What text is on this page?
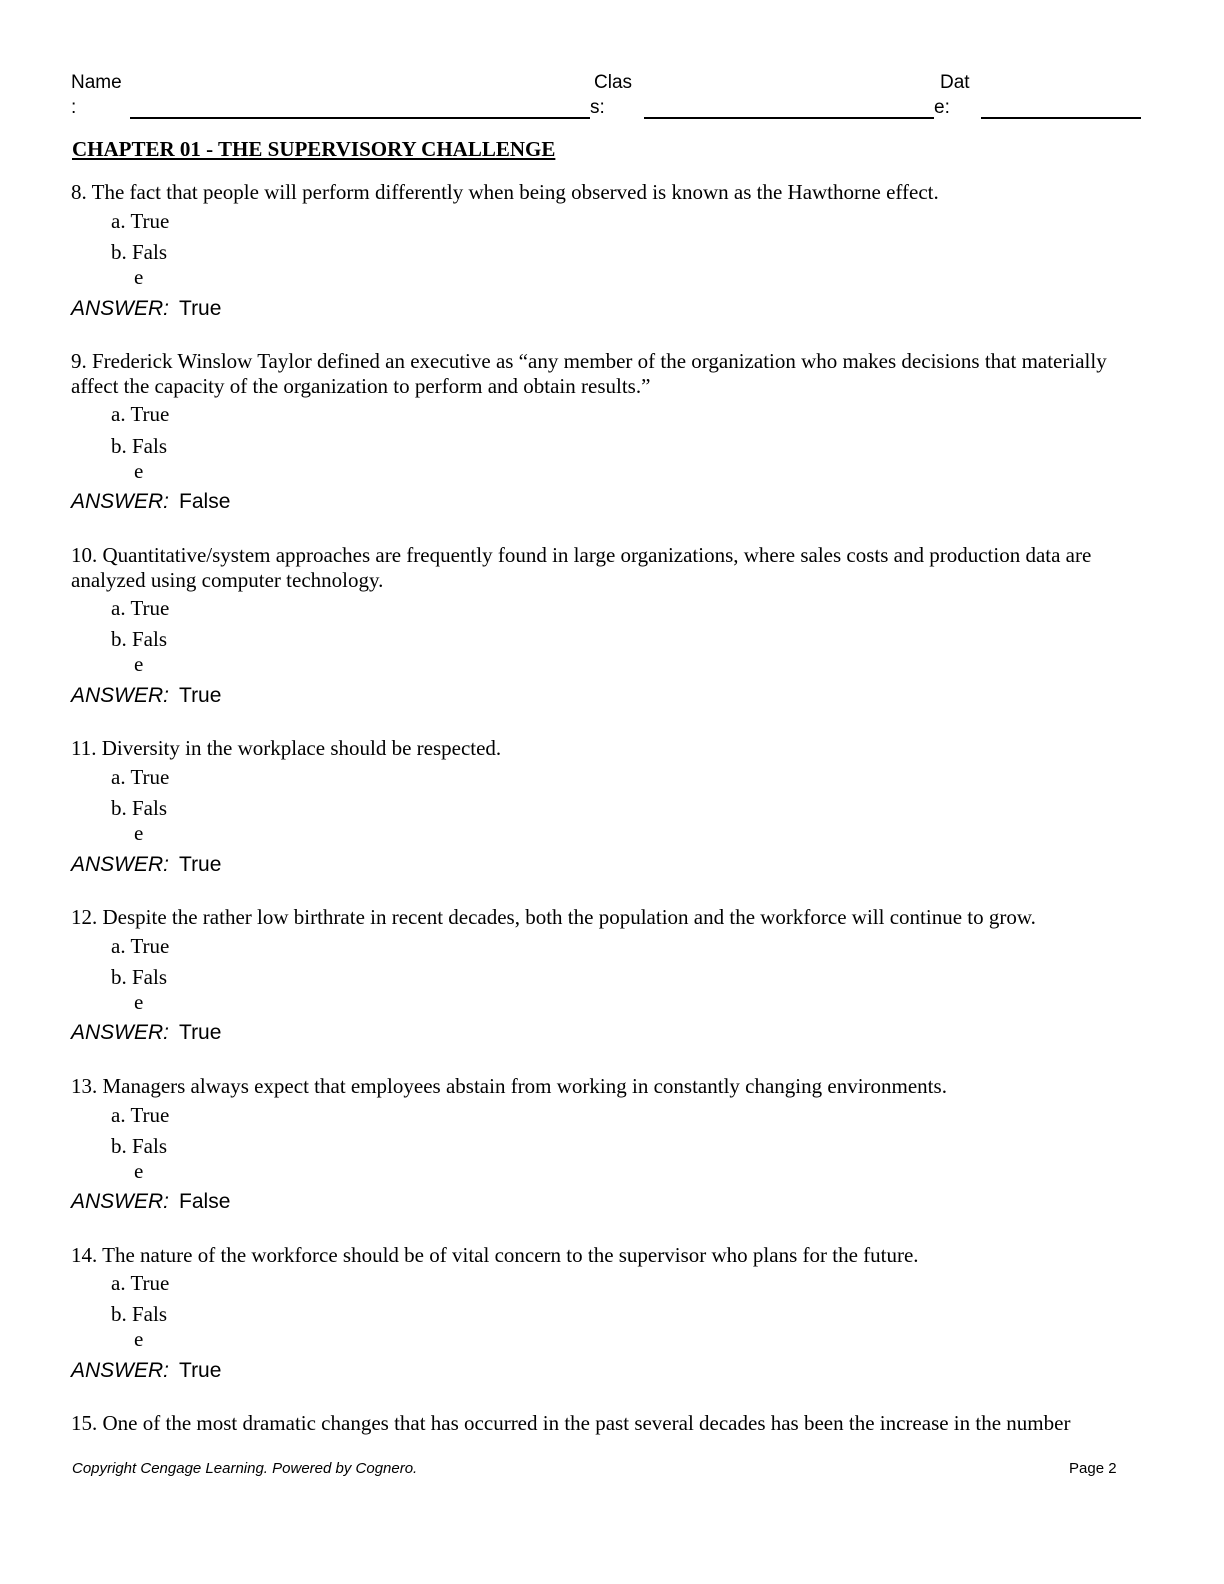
Name
:
Clas
s:
Dat
e:
CHAPTER 01 - THE SUPERVISORY CHALLENGE
8. The fact that people will perform differently when being observed is known as the Hawthorne effect.
a. True
b. Fals
e
ANSWER: True
9. Frederick Winslow Taylor defined an executive as “any member of the organization who makes decisions that materially affect the capacity of the organization to perform and obtain results.”
a. True
b. Fals
e
ANSWER: False
10. Quantitative/system approaches are frequently found in large organizations, where sales costs and production data are analyzed using computer technology.
a. True
b. Fals
e
ANSWER: True
11. Diversity in the workplace should be respected.
a. True
b. Fals
e
ANSWER: True
12. Despite the rather low birthrate in recent decades, both the population and the workforce will continue to grow.
a. True
b. Fals
e
ANSWER: True
13. Managers always expect that employees abstain from working in constantly changing environments.
a. True
b. Fals
e
ANSWER: False
14. The nature of the workforce should be of vital concern to the supervisor who plans for the future.
a. True
b. Fals
e
ANSWER: True
15. One of the most dramatic changes that has occurred in the past several decades has been the increase in the number
Copyright Cengage Learning. Powered by Cognero.	Page 2
